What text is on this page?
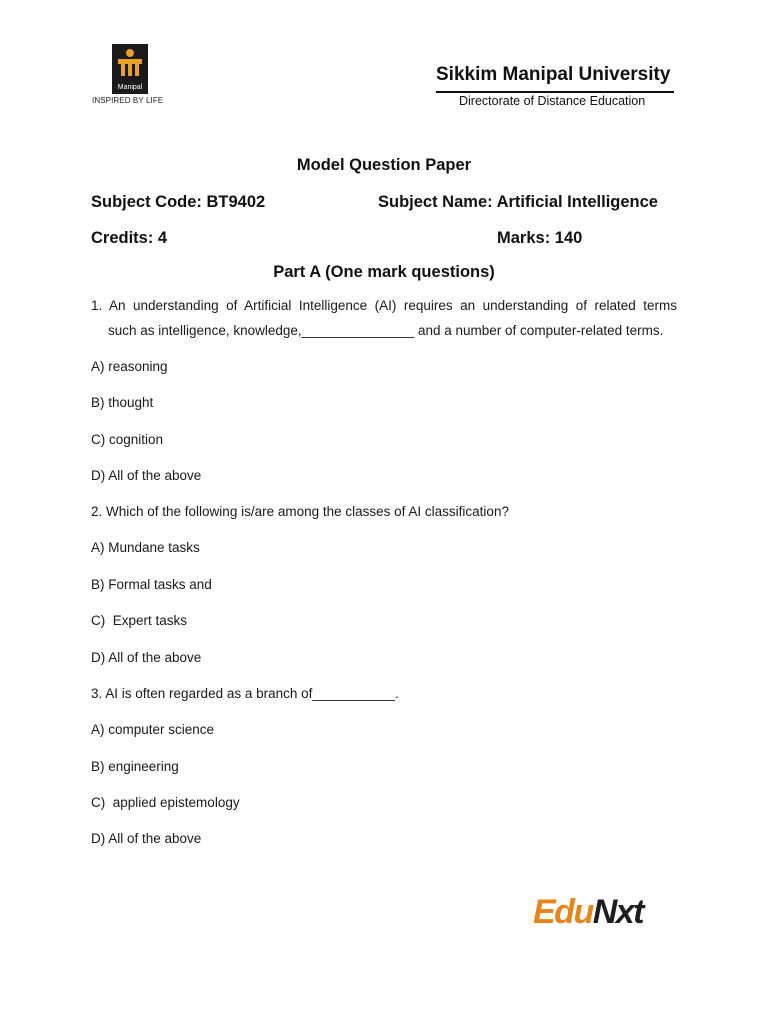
Manipal
INSPIRED BY LIFE
Sikkim Manipal University
Directorate of Distance Education
Model Question Paper
Subject Code: BT9402	Subject Name: Artificial Intelligence
Credits: 4	Marks: 140
Part A (One mark questions)
1. An understanding of Artificial Intelligence (AI) requires an understanding of related terms
such as intelligence, knowledge,_______________ and a number of computer-related terms.
A) reasoning
B) thought
C) cognition
D) All of the above
2. Which of the following is/are among the classes of AI classification?
A) Mundane tasks
B) Formal tasks and
C)  Expert tasks
D) All of the above
3. AI is often regarded as a branch of___________.
A) computer science
B) engineering
C)  applied epistemology
D) All of the above
EduNxt
